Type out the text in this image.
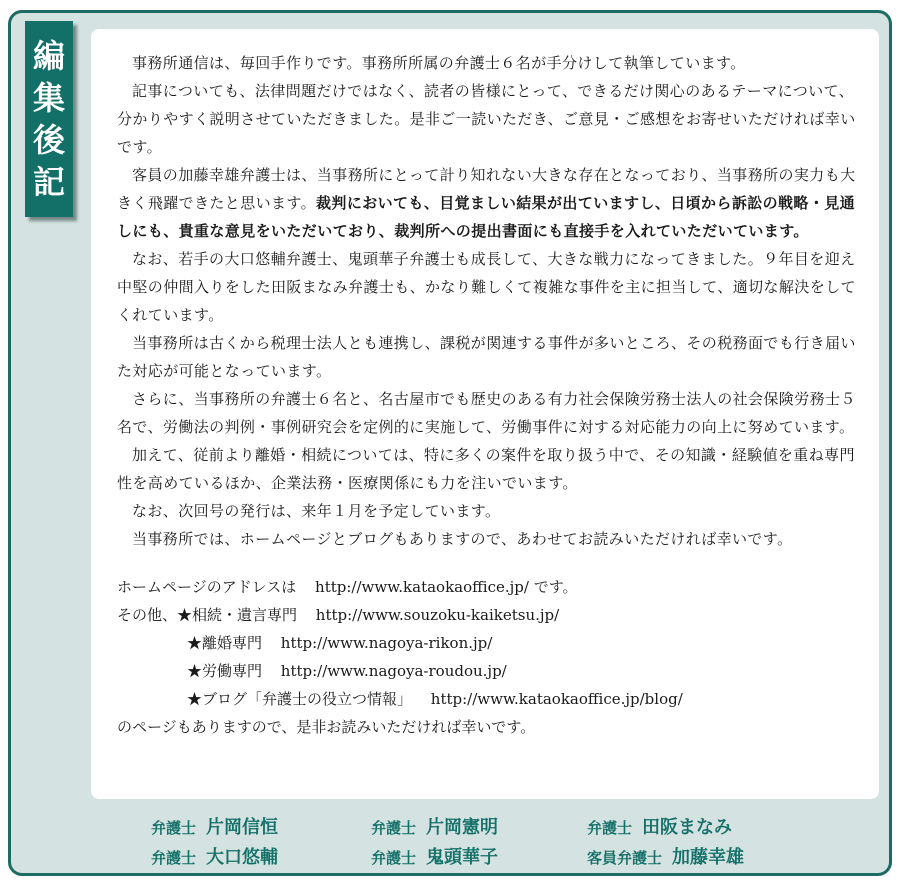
編
集
後
記

事務所通信は、毎回手作りです。事務所所属の弁護士６名が手分けして執筆しています。

記事についても、法律問題だけではなく、読者の皆様にとって、できるだけ関心のあるテーマについて、分かりやすく説明させていただきました。是非ご一読いただき、ご意見・ご感想をお寄せいただければ幸いです。

客員の加藤幸雄弁護士は、当事務所にとって計り知れない大きな存在となっており、当事務所の実力も大きく飛躍できたと思います。裁判においても、目覚ましい結果が出ていますし、日頃から訴訟の戦略・見通しにも、貴重な意見をいただいており、裁判所への提出書面にも直接手を入れていただいています。

なお、若手の大口悠輔弁護士、鬼頭華子弁護士も成長して、大きな戦力になってきました。９年目を迎え中堅の仲間入りをした田阪まなみ弁護士も、かなり難しくて複雑な事件を主に担当して、適切な解決をしてくれています。

当事務所は古くから税理士法人とも連携し、課税が関連する事件が多いところ、その税務面でも行き届いた対応が可能となっています。

さらに、当事務所の弁護士６名と、名古屋市でも歴史のある有力社会保険労務士法人の社会保険労務士５名で、労働法の判例・事例研究会を定例的に実施して、労働事件に対する対応能力の向上に努めています。

加えて、従前より離婚・相続については、特に多くの案件を取り扱う中で、その知識・経験値を重ね専門性を高めているほか、企業法務・医療関係にも力を注いでいます。

なお、次回号の発行は、来年１月を予定しています。

当事務所では、ホームページとブログもありますので、あわせてお読みいただければ幸いです。

ホームページのアドレスは http://www.kataokaoffice.jp/ です。
その他、★相続・遺言専門 http://www.souzoku-kaiketsu.jp/
★離婚専門 http://www.nagoya-rikon.jp/
★労働専門 http://www.nagoya-roudou.jp/
★ブログ「弁護士の役立つ情報」 http://www.kataokaoffice.jp/blog/
のページもありますので、是非お読みいただければ幸いです。
弁護士 片岡信恒	弁護士 片岡憲明	弁護士 田阪まなみ
弁護士 大口悠輔	弁護士 鬼頭華子	客員弁護士 加藤幸雄
